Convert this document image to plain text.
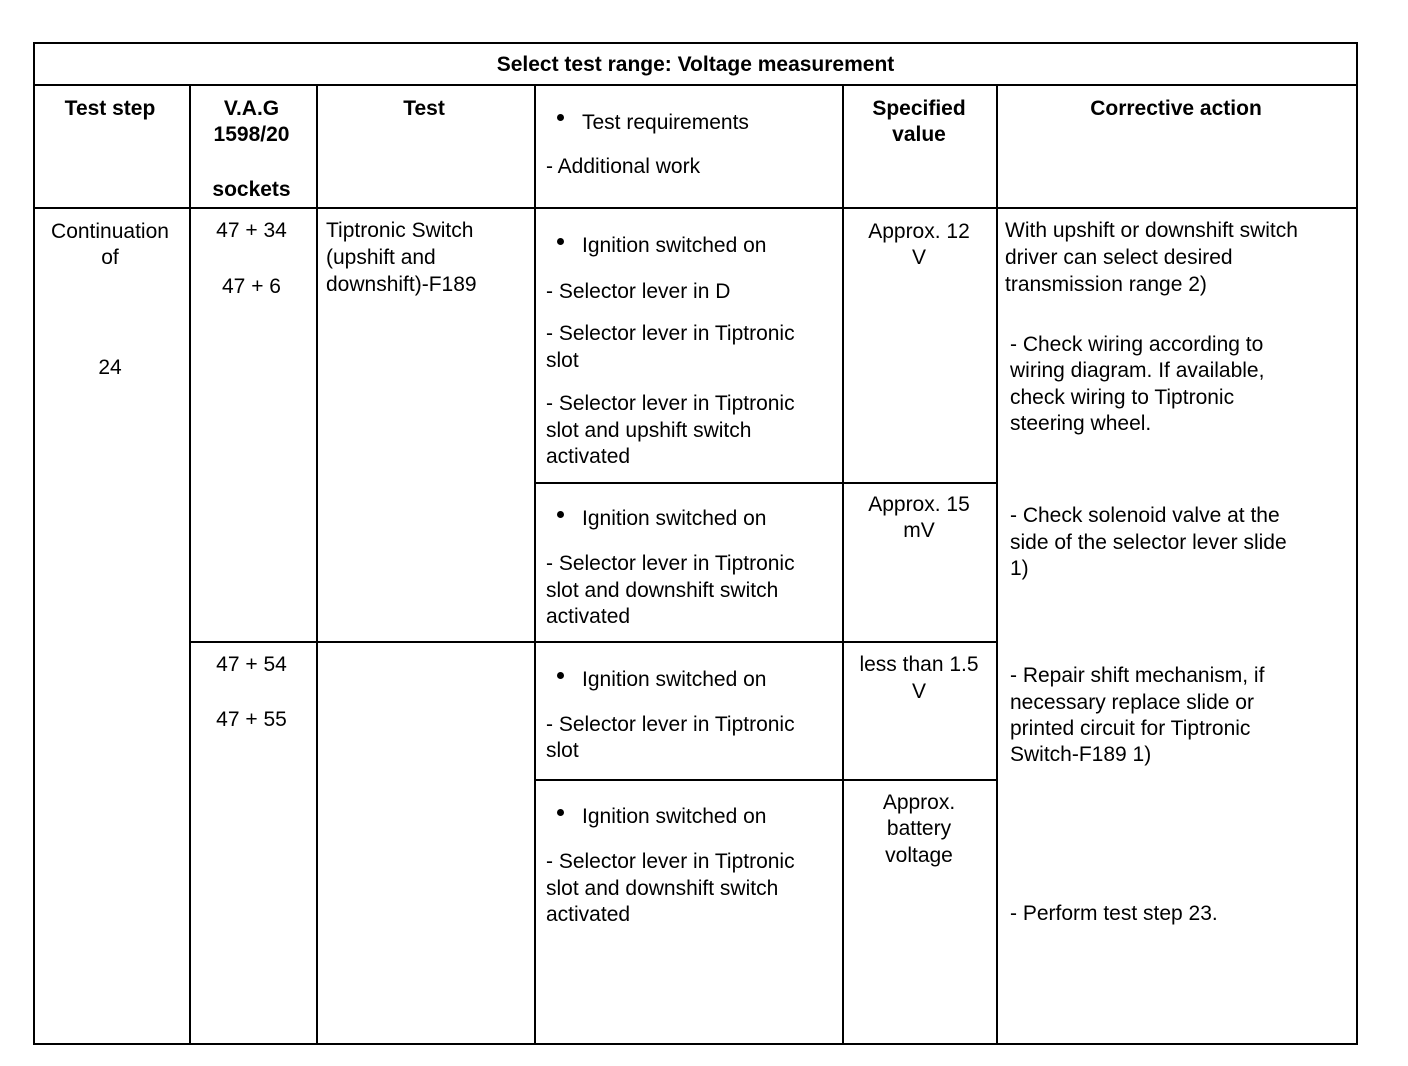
Select test range: Voltage measurement
Test step	V.A.G
1598/20
sockets
Test
Test requirements
- Additional work
Specified
value
Corrective action
Continuation
of
24
47 + 34
47 + 6
47 + 54
47 + 55
Tiptronic Switch
(upshift and
downshift)-F189
Ignition switched on
- Selector lever in D
- Selector lever in Tiptronic
slot
- Selector lever in Tiptronic
slot and upshift switch
activated
Approx. 12
V
Ignition switched on
- Selector lever in Tiptronic
slot and downshift switch
activated
Approx. 15
mV
Ignition switched on
- Selector lever in Tiptronic
slot
less than 1.5
V
Ignition switched on
- Selector lever in Tiptronic
slot and downshift switch
activated
Approx.
battery
voltage
With upshift or downshift switch
driver can select desired
transmission range 2)
- Check wiring according to
wiring diagram. If available,
check wiring to Tiptronic
steering wheel.
- Check solenoid valve at the
side of the selector lever slide
1)
- Repair shift mechanism, if
necessary replace slide or
printed circuit for Tiptronic
Switch-F189 1)
- Perform test step 23.
